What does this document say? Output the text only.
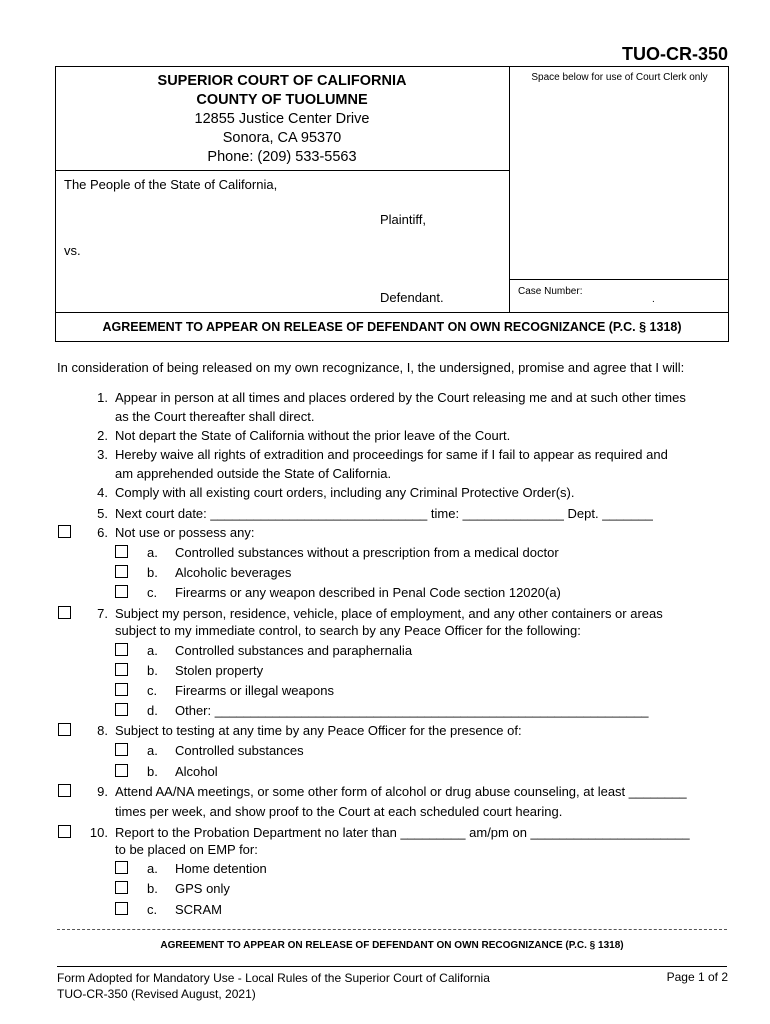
TUO-CR-350
SUPERIOR COURT OF CALIFORNIA
COUNTY OF TUOLUMNE
12855 Justice Center Drive
Sonora, CA 95370
Phone: (209) 533-5563
Space below for use of Court Clerk only
The People of the State of California,
Plaintiff,
vs.
Defendant.	Case Number:
.
AGREEMENT TO APPEAR ON RELEASE OF DEFENDANT ON OWN RECOGNIZANCE (P.C. § 1318)
In consideration of being released on my own recognizance, I, the undersigned, promise and agree that I will:
1. Appear in person at all times and places ordered by the Court releasing me and at such other times
as the Court thereafter shall direct.
2. Not depart the State of California without the prior leave of the Court.
3. Hereby waive all rights of extradition and proceedings for same if I fail to appear as required and
am apprehended outside the State of California.
4. Comply with all existing court orders, including any Criminal Protective Order(s).
5. Next court date: ______________________________ time: ______________ Dept. _______
6. Not use or possess any:
a. Controlled substances without a prescription from a medical doctor
b. Alcoholic beverages
c. Firearms or any weapon described in Penal Code section 12020(a)
7. Subject my person, residence, vehicle, place of employment, and any other containers or areas
subject to my immediate control, to search by any Peace Officer for the following:
a. Controlled substances and paraphernalia
b. Stolen property
c. Firearms or illegal weapons
d. Other: ____________________________________________________________
8. Subject to testing at any time by any Peace Officer for the presence of:
a. Controlled substances
b. Alcohol
9. Attend AA/NA meetings, or some other form of alcohol or drug abuse counseling, at least ________
times per week, and show proof to the Court at each scheduled court hearing.
10. Report to the Probation Department no later than _________ am/pm on ______________________
to be placed on EMP for:
a. Home detention
b. GPS only
c. SCRAM
AGREEMENT TO APPEAR ON RELEASE OF DEFENDANT ON OWN RECOGNIZANCE (P.C. § 1318)
Form Adopted for Mandatory Use - Local Rules of the Superior Court of California
TUO-CR-350 (Revised August, 2021)
Page 1 of 2
